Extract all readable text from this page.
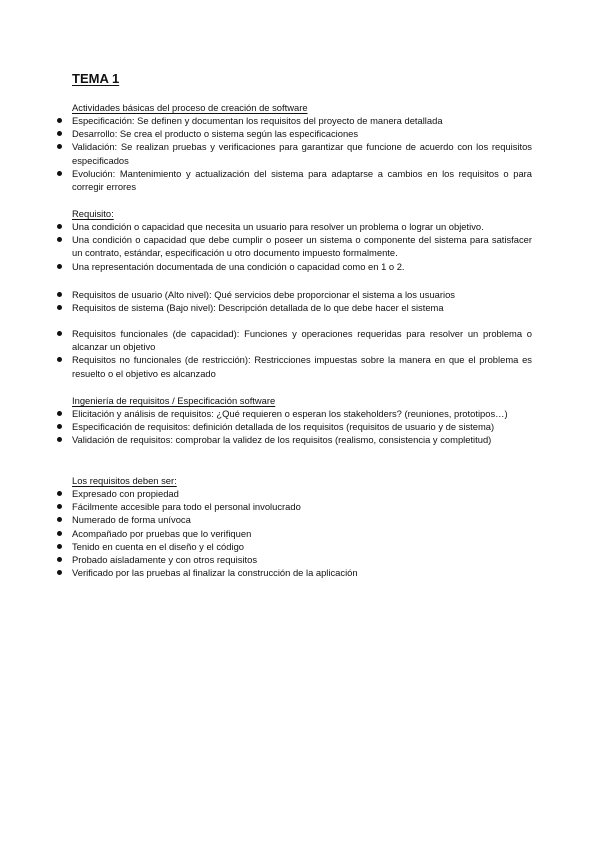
TEMA 1
Actividades básicas del proceso de creación de software
Especificación: Se definen y documentan los requisitos del proyecto de manera detallada
Desarrollo: Se crea el producto o sistema según las especificaciones
Validación: Se realizan pruebas y verificaciones para garantizar que funcione de acuerdo con los requisitos especificados
Evolución: Mantenimiento y actualización del sistema para adaptarse a cambios en los requisitos o para corregir errores
Requisito:
Una condición o capacidad que necesita un usuario para resolver un problema o lograr un objetivo.
Una condición o capacidad que debe cumplir o poseer un sistema o componente del sistema para satisfacer un contrato, estándar, especificación u otro documento impuesto formalmente.
Una representación documentada de una condición o capacidad como en 1 o 2.
Requisitos de usuario (Alto nivel): Qué servicios debe proporcionar el sistema a los usuarios
Requisitos de sistema (Bajo nivel): Descripción detallada de lo que debe hacer el sistema
Requisitos funcionales (de capacidad): Funciones y operaciones requeridas para resolver un problema o alcanzar un objetivo
Requisitos no funcionales (de restricción): Restricciones impuestas sobre la manera en que el problema es resuelto o el objetivo es alcanzado
Ingeniería de requisitos / Especificación software
Elicitación y análisis de requisitos: ¿Qué requieren o esperan los stakeholders? (reuniones, prototipos…)
Especificación de requisitos: definición detallada de los requisitos (requisitos de usuario y de sistema)
Validación de requisitos: comprobar la validez de los requisitos (realismo, consistencia y completitud)
Los requisitos deben ser:
Expresado con propiedad
Fácilmente accesible para todo el personal involucrado
Numerado de forma unívoca
Acompañado por pruebas que lo verifiquen
Tenido en cuenta en el diseño y el código
Probado aisladamente y con otros requisitos
Verificado por las pruebas al finalizar la construcción de la aplicación
